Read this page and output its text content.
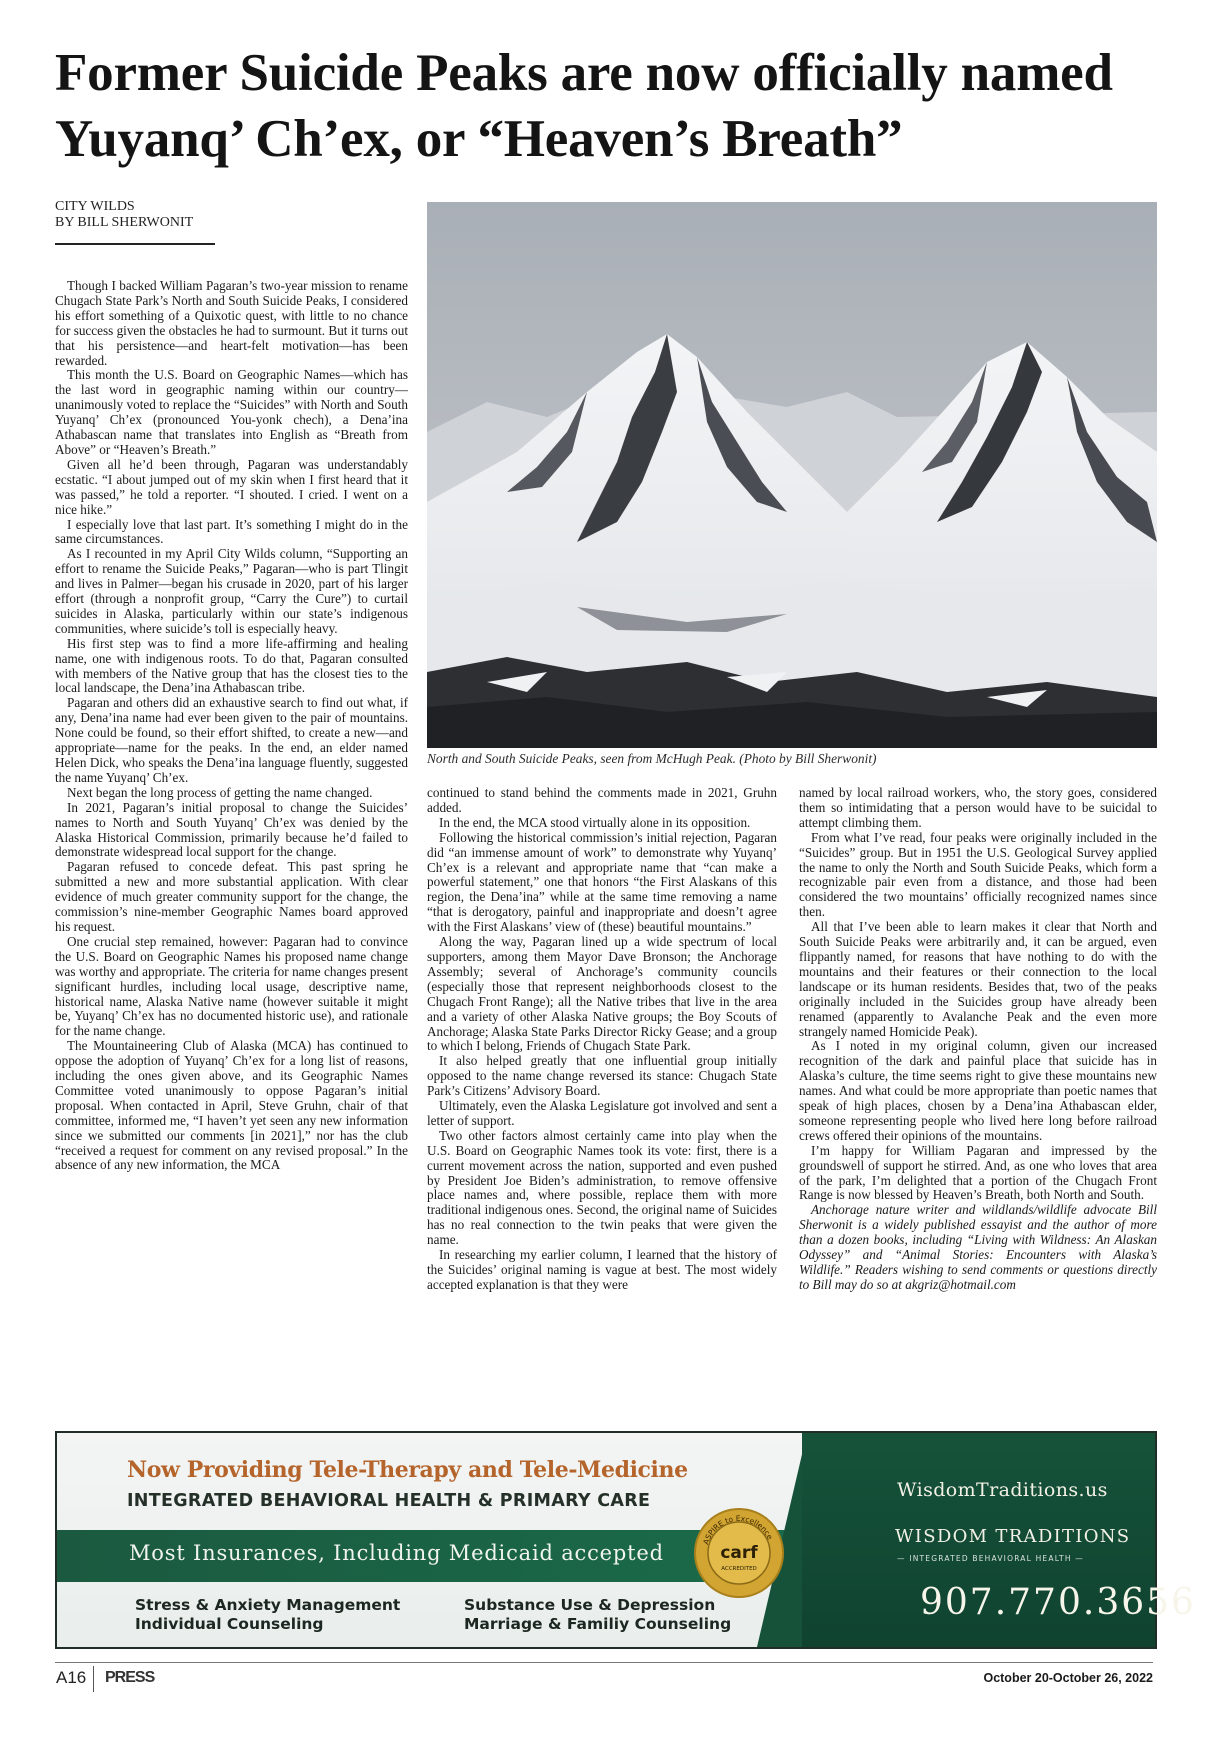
Former Suicide Peaks are now officially named Yuyanq’ Ch’ex, or “Heaven’s Breath”
CITY WILDS
BY BILL SHERWONIT

Though I backed William Pagaran’s two-year mission to rename Chugach State Park’s North and South Suicide Peaks, I considered his effort something of a Quixotic quest, with little to no chance for success given the obstacles he had to surmount. But it turns out that his persistence—and heart-felt motivation—has been rewarded.

This month the U.S. Board on Geographic Names—which has the last word in geographic naming within our country—unanimously voted to replace the “Suicides” with North and South Yuyanq’ Ch’ex (pronounced You-yonk chech), a Dena’ina Athabascan name that translates into English as “Breath from Above” or “Heaven’s Breath.”

Given all he’d been through, Pagaran was understandably ecstatic. “I about jumped out of my skin when I first heard that it was passed,” he told a reporter. “I shouted. I cried. I went on a nice hike.”

I especially love that last part. It’s something I might do in the same circumstances.

As I recounted in my April City Wilds column, “Supporting an effort to rename the Suicide Peaks,” Pagaran—who is part Tlingit and lives in Palmer—began his crusade in 2020, part of his larger effort (through a nonprofit group, “Carry the Cure”) to curtail suicides in Alaska, particularly within our state’s indigenous communities, where suicide’s toll is especially heavy.

His first step was to find a more life-affirming and healing name, one with indigenous roots. To do that, Pagaran consulted with members of the Native group that has the closest ties to the local landscape, the Dena’ina Athabascan tribe.

Pagaran and others did an exhaustive search to find out what, if any, Dena’ina name had ever been given to the pair of mountains. None could be found, so their effort shifted, to create a new—and appropriate—name for the peaks. In the end, an elder named Helen Dick, who speaks the Dena’ina language fluently, suggested the name Yuyanq’ Ch’ex.

Next began the long process of getting the name changed.

In 2021, Pagaran’s initial proposal to change the Suicides’ names to North and South Yuyanq’ Ch’ex was denied by the Alaska Historical Commission, primarily because he’d failed to demonstrate widespread local support for the change.

Pagaran refused to concede defeat. This past spring he submitted a new and more substantial application. With clear evidence of much greater community support for the change, the commission’s nine-member Geographic Names board approved his request.

One crucial step remained, however: Pagaran had to convince the U.S. Board on Geographic Names his proposed name change was worthy and appropriate. The criteria for name changes present significant hurdles, including local usage, descriptive name, historical name, Alaska Native name (however suitable it might be, Yuyanq’ Ch’ex has no documented historic use), and rationale for the name change.

The Mountaineering Club of Alaska (MCA) has continued to oppose the adoption of Yuyanq’ Ch’ex for a long list of reasons, including the ones given above, and its Geographic Names Committee voted unanimously to oppose Pagaran’s initial proposal. When contacted in April, Steve Gruhn, chair of that committee, informed me, “I haven’t yet seen any new information since we submitted our comments [in 2021],” nor has the club “received a request for comment on any revised proposal.” In the absence of any new information, the MCA

North and South Suicide Peaks, seen from McHugh Peak. (Photo by Bill Sherwonit)

continued to stand behind the comments made in 2021, Gruhn added.

In the end, the MCA stood virtually alone in its opposition.

Following the historical commission’s initial rejection, Pagaran did “an immense amount of work” to demonstrate why Yuyanq’ Ch’ex is a relevant and appropriate name that “can make a powerful statement,” one that honors “the First Alaskans of this region, the Dena’ina” while at the same time removing a name “that is derogatory, painful and inappropriate and doesn’t agree with the First Alaskans’ view of (these) beautiful mountains.”

Along the way, Pagaran lined up a wide spectrum of local supporters, among them Mayor Dave Bronson; the Anchorage Assembly; several of Anchorage’s community councils (especially those that represent neighborhoods closest to the Chugach Front Range); all the Native tribes that live in the area and a variety of other Alaska Native groups; the Boy Scouts of Anchorage; Alaska State Parks Director Ricky Gease; and a group to which I belong, Friends of Chugach State Park.

It also helped greatly that one influential group initially opposed to the name change reversed its stance: Chugach State Park’s Citizens’ Advisory Board.

Ultimately, even the Alaska Legislature got involved and sent a letter of support.

Two other factors almost certainly came into play when the U.S. Board on Geographic Names took its vote: first, there is a current movement across the nation, supported and even pushed by President Joe Biden’s administration, to remove offensive place names and, where possible, replace them with more traditional indigenous ones. Second, the original name of Suicides has no real connection to the twin peaks that were given the name.

In researching my earlier column, I learned that the history of the Suicides’ original naming is vague at best. The most widely accepted explanation is that they were

named by local railroad workers, who, the story goes, considered them so intimidating that a person would have to be suicidal to attempt climbing them.

From what I’ve read, four peaks were originally included in the “Suicides” group. But in 1951 the U.S. Geological Survey applied the name to only the North and South Suicide Peaks, which form a recognizable pair even from a distance, and those had been considered the two mountains’ officially recognized names since then.

All that I’ve been able to learn makes it clear that North and South Suicide Peaks were arbitrarily and, it can be argued, even flippantly named, for reasons that have nothing to do with the mountains and their features or their connection to the local landscape or its human residents. Besides that, two of the peaks originally included in the Suicides group have already been renamed (apparently to Avalanche Peak and the even more strangely named Homicide Peak).

As I noted in my original column, given our increased recognition of the dark and painful place that suicide has in Alaska’s culture, the time seems right to give these mountains new names. And what could be more appropriate than poetic names that speak of high places, chosen by a Dena’ina Athabascan elder, someone representing people who lived here long before railroad crews offered their opinions of the mountains.

I’m happy for William Pagaran and impressed by the groundswell of support he stirred. And, as one who loves that area of the park, I’m delighted that a portion of the Chugach Front Range is now blessed by Heaven’s Breath, both North and South.

Anchorage nature writer and wildlands/wildlife advocate Bill Sherwonit is a widely published essayist and the author of more than a dozen books, including “Living with Wildness: An Alaskan Odyssey” and “Animal Stories: Encounters with Alaska’s Wildlife.” Readers wishing to send comments or questions directly to Bill may do so at akgriz@hotmail.com

Now Providing Tele-Therapy and Tele-Medicine
INTEGRATED BEHAVIORAL HEALTH & PRIMARY CARE
Most Insurances, Including Medicaid accepted
Stress & Anxiety Management
Individual Counseling
Substance Use & Depression
Marriage & Familiy Counseling
WisdomTraditions.us
WISDOM TRADITIONS
— INTEGRATED BEHAVIORAL HEALTH —
907.770.3656
ASPIRE to Excellence
carf
ACCREDITED
A16 PRESS	October 20-October 26, 2022
